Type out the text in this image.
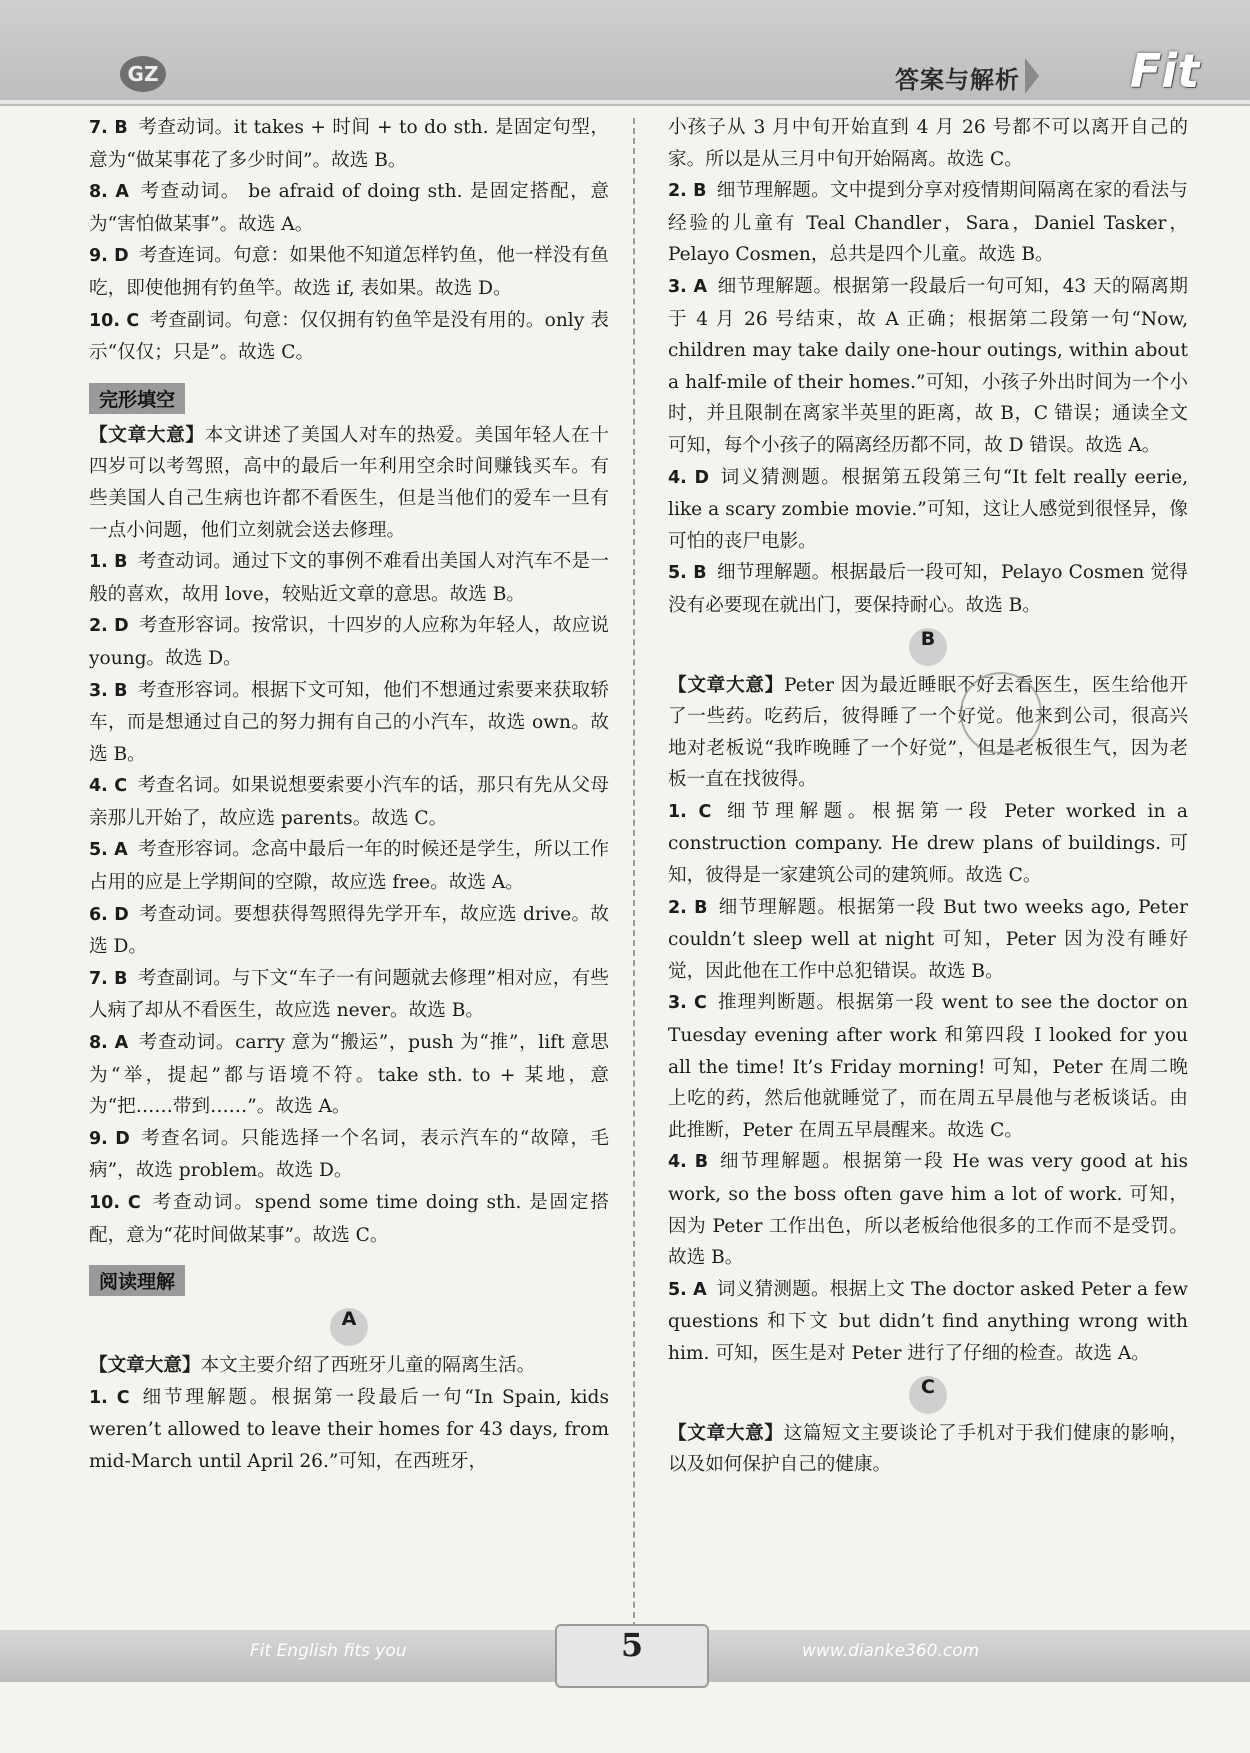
GZ	答案与解析 Fit

7. B 考查动词。it takes + 时间 + to do sth. 是固定句型，意为“做某事花了多少时间”。故选 B。

8. A 考查动词。 be afraid of doing sth. 是固定搭配，意为“害怕做某事”。故选 A。

9. D 考查连词。句意：如果他不知道怎样钓鱼，他一样没有鱼吃，即使他拥有钓鱼竿。故选 if, 表如果。故选 D。

10. C 考查副词。句意：仅仅拥有钓鱼竿是没有用的。only 表示“仅仅；只是”。故选 C。

完形填空

【文章大意】本文讲述了美国人对车的热爱。美国年轻人在十四岁可以考驾照，高中的最后一年利用空余时间赚钱买车。有些美国人自己生病也许都不看医生，但是当他们的爱车一旦有一点小问题，他们立刻就会送去修理。

1. B 考查动词。通过下文的事例不难看出美国人对汽车不是一般的喜欢，故用 love，较贴近文章的意思。故选 B。

2. D 考查形容词。按常识，十四岁的人应称为年轻人，故应说 young。故选 D。

3. B 考查形容词。根据下文可知，他们不想通过索要来获取轿车，而是想通过自己的努力拥有自己的小汽车，故选 own。故选 B。

4. C 考查名词。如果说想要索要小汽车的话，那只有先从父母亲那儿开始了，故应选 parents。故选 C。

5. A 考查形容词。念高中最后一年的时候还是学生，所以工作占用的应是上学期间的空隙，故应选 free。故选 A。

6. D 考查动词。要想获得驾照得先学开车，故应选 drive。故选 D。

7. B 考查副词。与下文“车子一有问题就去修理”相对应，有些人病了却从不看医生，故应选 never。故选 B。

8. A 考查动词。carry 意为“搬运”，push 为“推”，lift 意思为“举，提起”都与语境不符。take sth. to + 某地，意为“把……带到……”。故选 A。

9. D 考查名词。只能选择一个名词，表示汽车的“故障，毛病”，故选 problem。故选 D。

10. C 考查动词。spend some time doing sth. 是固定搭配，意为“花时间做某事”。故选 C。

阅读理解
A

【文章大意】本文主要介绍了西班牙儿童的隔离生活。

1. C 细节理解题。根据第一段最后一句“In Spain, kids weren’t allowed to leave their homes for 43 days, from mid-March until April 26.”可知，在西班牙，

小孩子从 3 月中旬开始直到 4 月 26 号都不可以离开自己的家。所以是从三月中旬开始隔离。故选 C。

2. B 细节理解题。文中提到分享对疫情期间隔离在家的看法与经验的儿童有 Teal Chandler，Sara，Daniel Tasker，Pelayo Cosmen，总共是四个儿童。故选 B。

3. A 细节理解题。根据第一段最后一句可知，43 天的隔离期于 4 月 26 号结束，故 A 正确；根据第二段第一句“Now, children may take daily one-hour outings, within about a half-mile of their homes.”可知，小孩子外出时间为一个小时，并且限制在离家半英里的距离，故 B，C 错误；通读全文可知，每个小孩子的隔离经历都不同，故 D 错误。故选 A。

4. D 词义猜测题。根据第五段第三句“It felt really eerie, like a scary zombie movie.”可知，这让人感觉到很怪异，像可怕的丧尸电影。

5. B 细节理解题。根据最后一段可知，Pelayo Cosmen 觉得没有必要现在就出门，要保持耐心。故选 B。

B

【文章大意】Peter 因为最近睡眠不好去看医生，医生给他开了一些药。吃药后，彼得睡了一个好觉。他来到公司，很高兴地对老板说“我昨晚睡了一个好觉”，但是老板很生气，因为老板一直在找彼得。

1. C 细节理解题。根据第一段 Peter worked in a construction company. He drew plans of buildings. 可知，彼得是一家建筑公司的建筑师。故选 C。

2. B 细节理解题。根据第一段 But two weeks ago, Peter couldn’t sleep well at night 可知，Peter 因为没有睡好觉，因此他在工作中总犯错误。故选 B。

3. C 推理判断题。根据第一段 went to see the doctor on Tuesday evening after work 和第四段 I looked for you all the time! It’s Friday morning! 可知，Peter 在周二晚上吃的药，然后他就睡觉了，而在周五早晨他与老板谈话。由此推断，Peter 在周五早晨醒来。故选 C。

4. B 细节理解题。根据第一段 He was very good at his work, so the boss often gave him a lot of work. 可知，因为 Peter 工作出色，所以老板给他很多的工作而不是受罚。故选 B。

5. A 词义猜测题。根据上文 The doctor asked Peter a few questions 和下文 but didn’t find anything wrong with him. 可知，医生是对 Peter 进行了仔细的检查。故选 A。

C

【文章大意】这篇短文主要谈论了手机对于我们健康的影响，以及如何保护自己的健康。

Fit English fits you	5	www.dianke360.com
